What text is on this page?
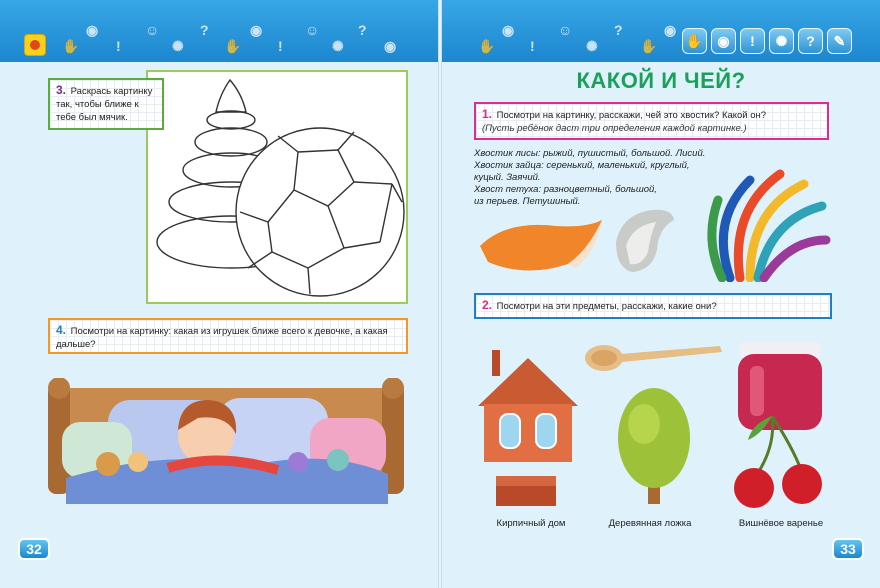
✋
◉
!
☺
✺
?
✋
◉
!
☺
✺
?
◉
3. Раскрась картинку так, чтобы ближе к тебе был мячик.
4. Посмотри на картинку: какая из игрушек ближе всего к девочке, а какая дальше?
32
✋
◉
!
☺
✺
?
✋
◉
✋	◉	!	✺	?	✎
КАКОЙ И ЧЕЙ?
1. Посмотри на картинку, расскажи, чей это хвостик? Какой он?
(Пусть ребёнок даст три определения каждой картинке.)
Хвостик лисы: рыжий, пушистый, большой. Лисий.
Хвостик зайца: серенький, маленький, круглый,
куцый. Заячий.
Хвост петуха: разноцветный, большой,
из перьев. Петушиный.
2. Посмотри на эти предметы, расскажи, какие они?
Кирпичный дом	Деревянная ложка	Вишнёвое варенье
33
